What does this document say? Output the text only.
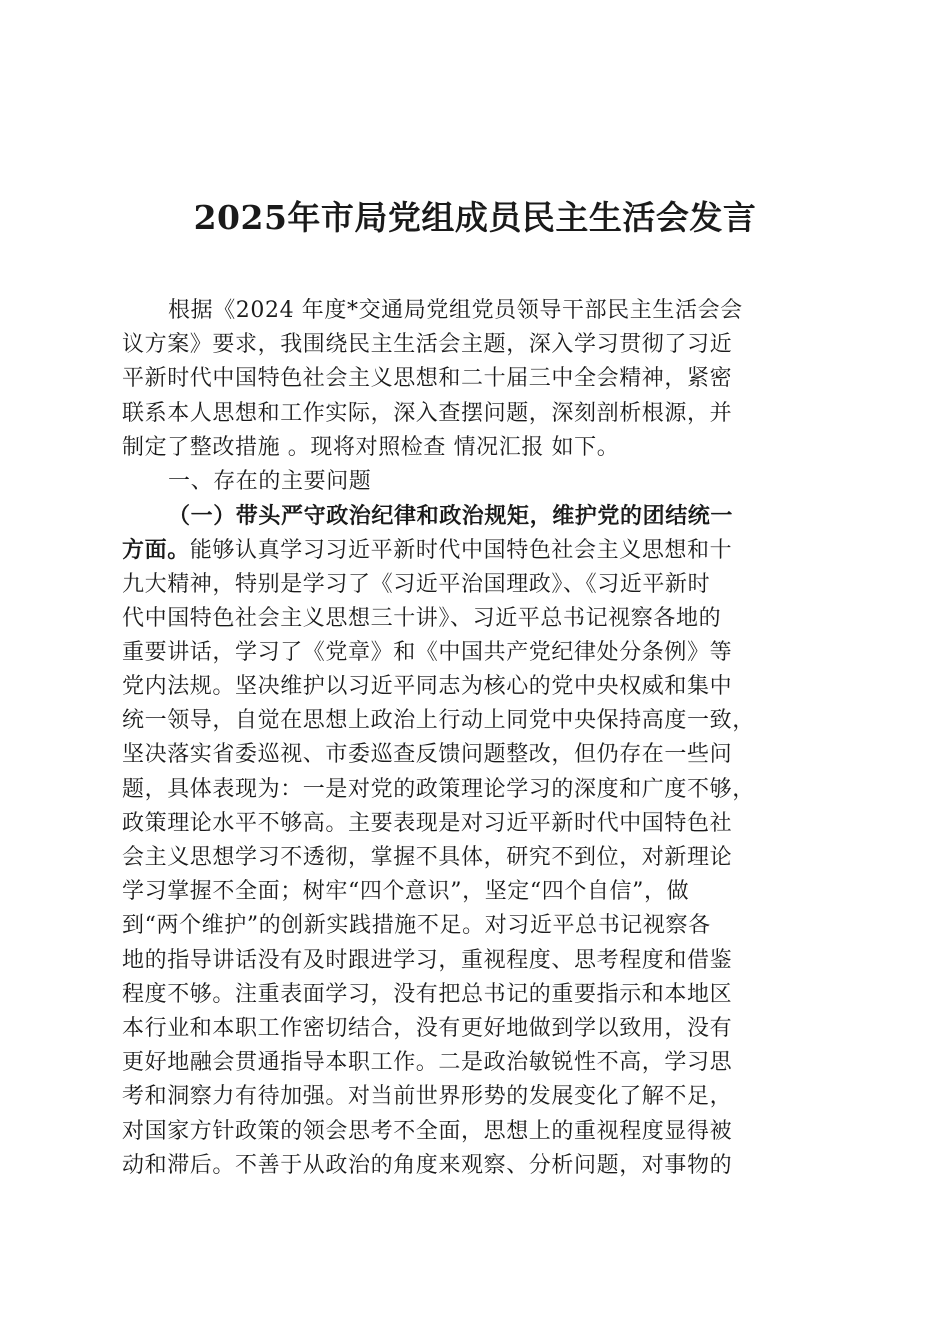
2025年市局党组成员民主生活会发言
根据《2024 年度*交通局党组党员领导干部民主生活会会
议方案》要求，我围绕民主生活会主题，深入学习贯彻了习近
平新时代中国特色社会主义思想和二十届三中全会精神，紧密
联系本人思想和工作实际，深入查摆问题，深刻剖析根源，并
制定了整改措施 。现将对照检查 情况汇报 如下。
一、存在的主要问题
（一）带头严守政治纪律和政治规矩，维护党的团结统一
方面。能够认真学习习近平新时代中国特色社会主义思想和十
九大精神，特别是学习了《习近平治国理政》、《习近平新时
代中国特色社会主义思想三十讲》、习近平总书记视察各地的
重要讲话，学习了《党章》和《中国共产党纪律处分条例》等
党内法规。坚决维护以习近平同志为核心的党中央权威和集中
统一领导，自觉在思想上政治上行动上同党中央保持高度一致，
坚决落实省委巡视、市委巡查反馈问题整改，但仍存在一些问
题，具体表现为：一是对党的政策理论学习的深度和广度不够，
政策理论水平不够高。主要表现是对习近平新时代中国特色社
会主义思想学习不透彻，掌握不具体，研究不到位，对新理论
学习掌握不全面；树牢“四个意识”，坚定“四个自信”，做
到“两个维护”的创新实践措施不足。对习近平总书记视察各
地的指导讲话没有及时跟进学习，重视程度、思考程度和借鉴
程度不够。注重表面学习，没有把总书记的重要指示和本地区
本行业和本职工作密切结合，没有更好地做到学以致用，没有
更好地融会贯通指导本职工作。二是政治敏锐性不高，学习思
考和洞察力有待加强。对当前世界形势的发展变化了解不足，
对国家方针政策的领会思考不全面，思想上的重视程度显得被
动和滞后。不善于从政治的角度来观察、分析问题，对事物的
